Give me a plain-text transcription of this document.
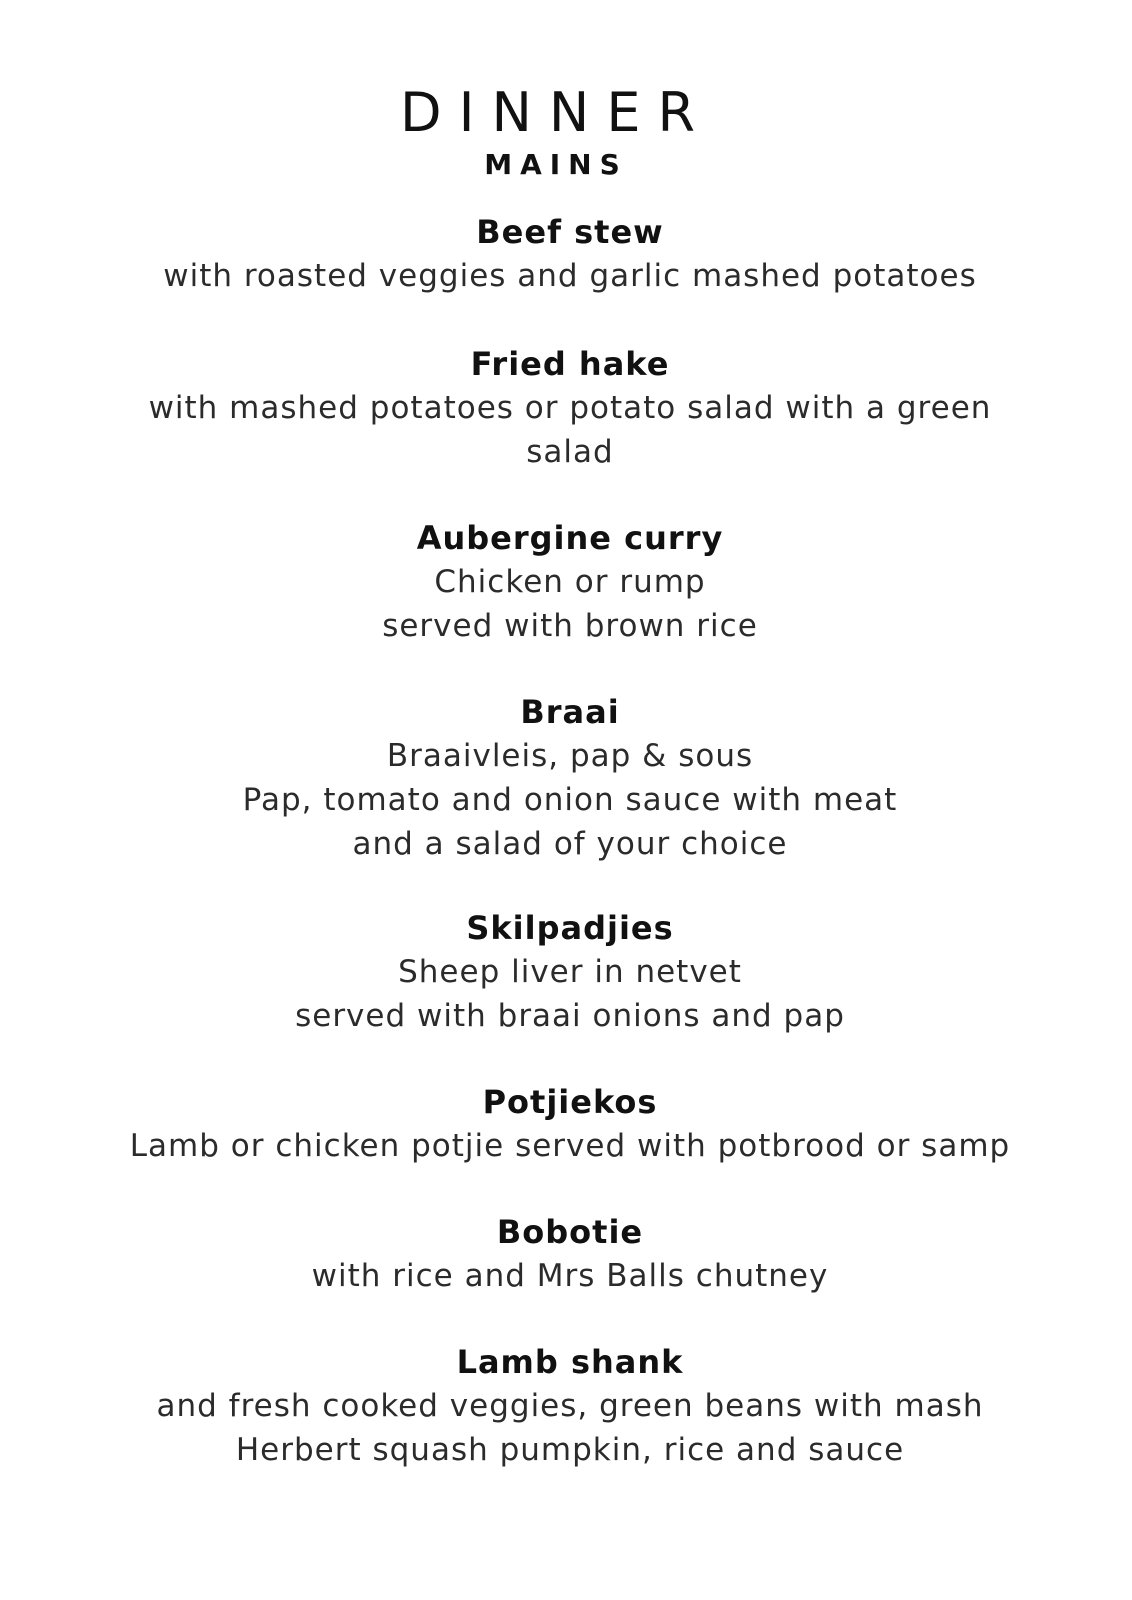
DINNER
MAINS

Beef stew

with roasted veggies and garlic mashed potatoes

Fried hake

with mashed potatoes or potato salad with a green

salad

Aubergine curry

Chicken or rump

served with brown rice

Braai

Braaivleis, pap & sous

Pap, tomato and onion sauce with meat

and a salad of your choice

Skilpadjies

Sheep liver in netvet

served with braai onions and pap

Potjiekos

Lamb or chicken potjie served with potbrood or samp

Bobotie

with rice and Mrs Balls chutney

Lamb shank

and fresh cooked veggies, green beans with mash

Herbert squash pumpkin, rice and sauce
